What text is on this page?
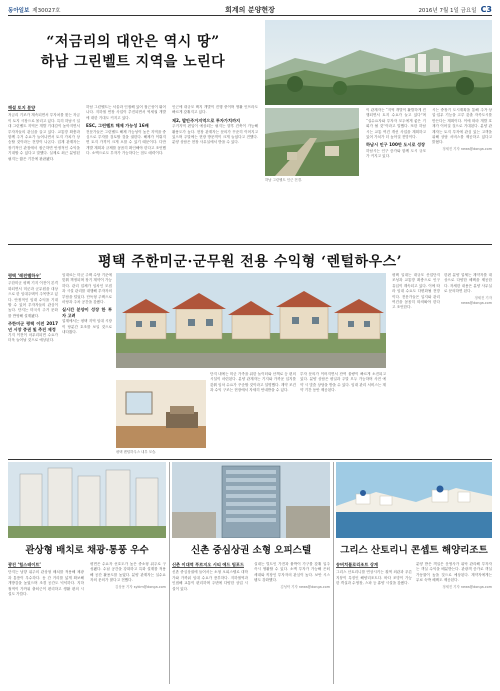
동아일보 제30027호	회계의 분양현장	2016년 7월 1일 금요일 C3
“저금리의 대안은 역시 땅”
하남 그린벨트 지역을 노린다
해설 토지 분양
저금리 기조가 계속되면서 투자처를 찾는 자금이 토지 시장으로 몰리고 있다. 특히 하남시 일대 그린벨트 지역은 개발 기대감이 높아지면서 투자자들의 관심을 끌고 있다. 교통망 확충과 함께 주거 수요가 늘어나면서 토지 가치가 상승할 것이라는 전망이 나온다. 업계 관계자는 장기적인 관점에서 접근하면 안정적인 수익을 기대할 수 있다고 말했다. 실제로 최근 분양된 필지는 짧은 기간에 완판됐다.
하남 그린벨트는 서울과 인접해 있어 접근성이 뛰어나다. 지하철 연장 사업이 추진되면서 역세권 개발에 대한 기대도 커지고 있다.
ESC, 그린벨트 해제 가능성 16배
전문가들은 그린벨트 해제 가능성이 높은 지역을 중심으로 투자를 검토할 것을 권한다. 해제가 이뤄지면 토지 가격이 크게 오를 수 있기 때문이다. 다만 개발 계획과 규제를 꼼꼼히 확인해야 한다고 조언했다. 소액으로도 투자가 가능하다는 점도 매력이다.
인근에 대규모 택지 개발이 진행 중이며 생활 인프라도 빠르게 갖춰지고 있다.
제2, 발안주거지역으로 투자가치까지
주거지역 편입이 예상되는 필지는 향후 건축이 가능해 활용도가 높다. 현장 관계자는 문의가 꾸준히 이어지고 있으며 주말에는 현장 방문객이 크게 늘었다고 전했다. 분양 상담은 현장 사무실에서 받을 수 있다.
하남 그린벨트 인근 전경.
이 관계자는 “지역 개발이 활발하게 진행되면서 토지 수요가 늘고 있다”며 “실수요자와 투자자 모두에게 좋은 기회가 될 것”이라고 말했다. 또한 하남시는 교통 여건 개선 사업을 계획하고 있어 가치가 더 높아질 전망이다.
하남시 인구 100만 도시로 성장
하남시는 인구 증가와 함께 도시 규모가 커지고 있다.
시는 중장기 도시계획을 통해 주거·상업·업무 기능을 고루 갖춘 자족도시를 만든다는 계획이다. 이에 따라 개발 호재가 이어질 것으로 기대된다. 분양 관계자는 토지 투자에 관심 있는 고객을 위해 상담 서비스를 제공하고 있다고 밝혔다.
정세진 기자 news@donga.com
평택 주한미군·군무원 전용 수익형 ‘렌털하우스’
평택 ‘레전벨하우’
주한미군 평택 기지 이전이 본격화되면서 미군과 군무원을 대상으로 한 임대주택이 주목받고 있다. 안정적인 임대 수익을 기대할 수 있어 투자자들의 관심이 높다. 단지는 미국식 주거 문화를 반영해 설계됐다.
주한미군 평택 이전 2017년 시장 증권 및 추진 제정
기지 이전이 마무리되면 수요가 더욱 늘어날 것으로 예상된다.
임대료는 미군 주택 수당 기준에 맞춰 책정되며 장기 계약이 가능하다. 관리 업체가 임차인 모집과 시설 관리를 대행해 투자자의 부담을 덜었다. 단독형 주택으로 마당과 주차 공간을 갖췄다.
실시간 분양이 성장 한 투자 고려
업계에서는 평택 지역 임대 시장이 당분간 호조를 보일 것으로 내다봤다.
평택 렌털하우스 내부 모습.
단지 내에는 미군 가족을 위한 놀이터와 산책로 등 편의 시설이 마련된다. 분양 관계자는 기지와 가까운 입지를 갖춰 임차 수요가 꾸준할 것이라고 설명했다. 계약 조건과 수익 구조는 현장에서 자세히 안내받을 수 있다.
투자 문의가 이어지면서 잔여 물량이 빠르게 소진되고 있다. 분양 상담은 평일과 주말 모두 가능하며 사전 예약 시 맞춤 상담을 받을 수 있다. 임대 관리 서비스는 계약 기간 동안 제공된다.
평택 일대는 대규모 산업단지 조성과 교통망 확충으로 인구 유입이 계속되고 있다. 이에 따라 임대 수요도 다변화될 전망이다. 전문가들은 입지와 관리 여건을 꼼꼼히 따져봐야 한다고 조언한다.
한편 분양 업체는 계약자를 대상으로 다양한 혜택을 제공한다. 자세한 내용은 분양 사무실로 문의하면 된다.
정세진 기자 news@donga.com
관상형 배치로 채광·통풍 우수	신촌 중심상권 소형 오피스텔	그리스 산토리니 콘셉트 해양리조트
광진 ‘힐스테이트’
단지는 남향 위주의 관상형 배치를 적용해 채광과 통풍이 우수하다. 동 간 거리를 넓게 확보해 개방감을 높였으며 조경 공간도 넉넉하다. 지하철역이 가까워 출퇴근이 편리하고 생활 편의 시설도 가깝다.
평면은 수요자 선호도가 높은 중소형 위주로 구성됐다. 수납 공간을 강화하고 특화 설계를 적용해 공간 활용도를 높였다. 분양 관계자는 실수요자의 문의가 많다고 전했다.
김상용 기자 sykim@donga.com
신촌 이대역 푸르지오 시티 에드 팀포드
신촌 중심상권에 들어서는 소형 오피스텔로 대학가와 가까워 임대 수요가 풍부하다. 지하철역과 인접해 교통이 편리하며 주변에 다양한 상업 시설이 있다.
실내는 빌트인 가전과 붙박이 가구를 갖춰 입주 즉시 생활할 수 있다. 소액 투자가 가능해 은퇴 세대와 직장인 투자자의 관심이 높다. 보안 시스템도 강화했다.
김성탁 기자 news@donga.com
송버치블로리조트 상계
그리스 산토리니를 연상시키는 흰색 외관과 푸른 지붕이 특징인 해양리조트다. 바다 조망이 가능한 객실과 수영장, 스파 등 휴양 시설을 갖췄다.
분양 받은 객실은 운영사가 위탁 관리해 투자자는 객실 수익을 배분받는다. 관광객 증가로 객실 가동률이 높을 것으로 예상된다. 계약자에게는 무료 숙박 혜택도 제공된다.
정세진 기자 news@donga.com
